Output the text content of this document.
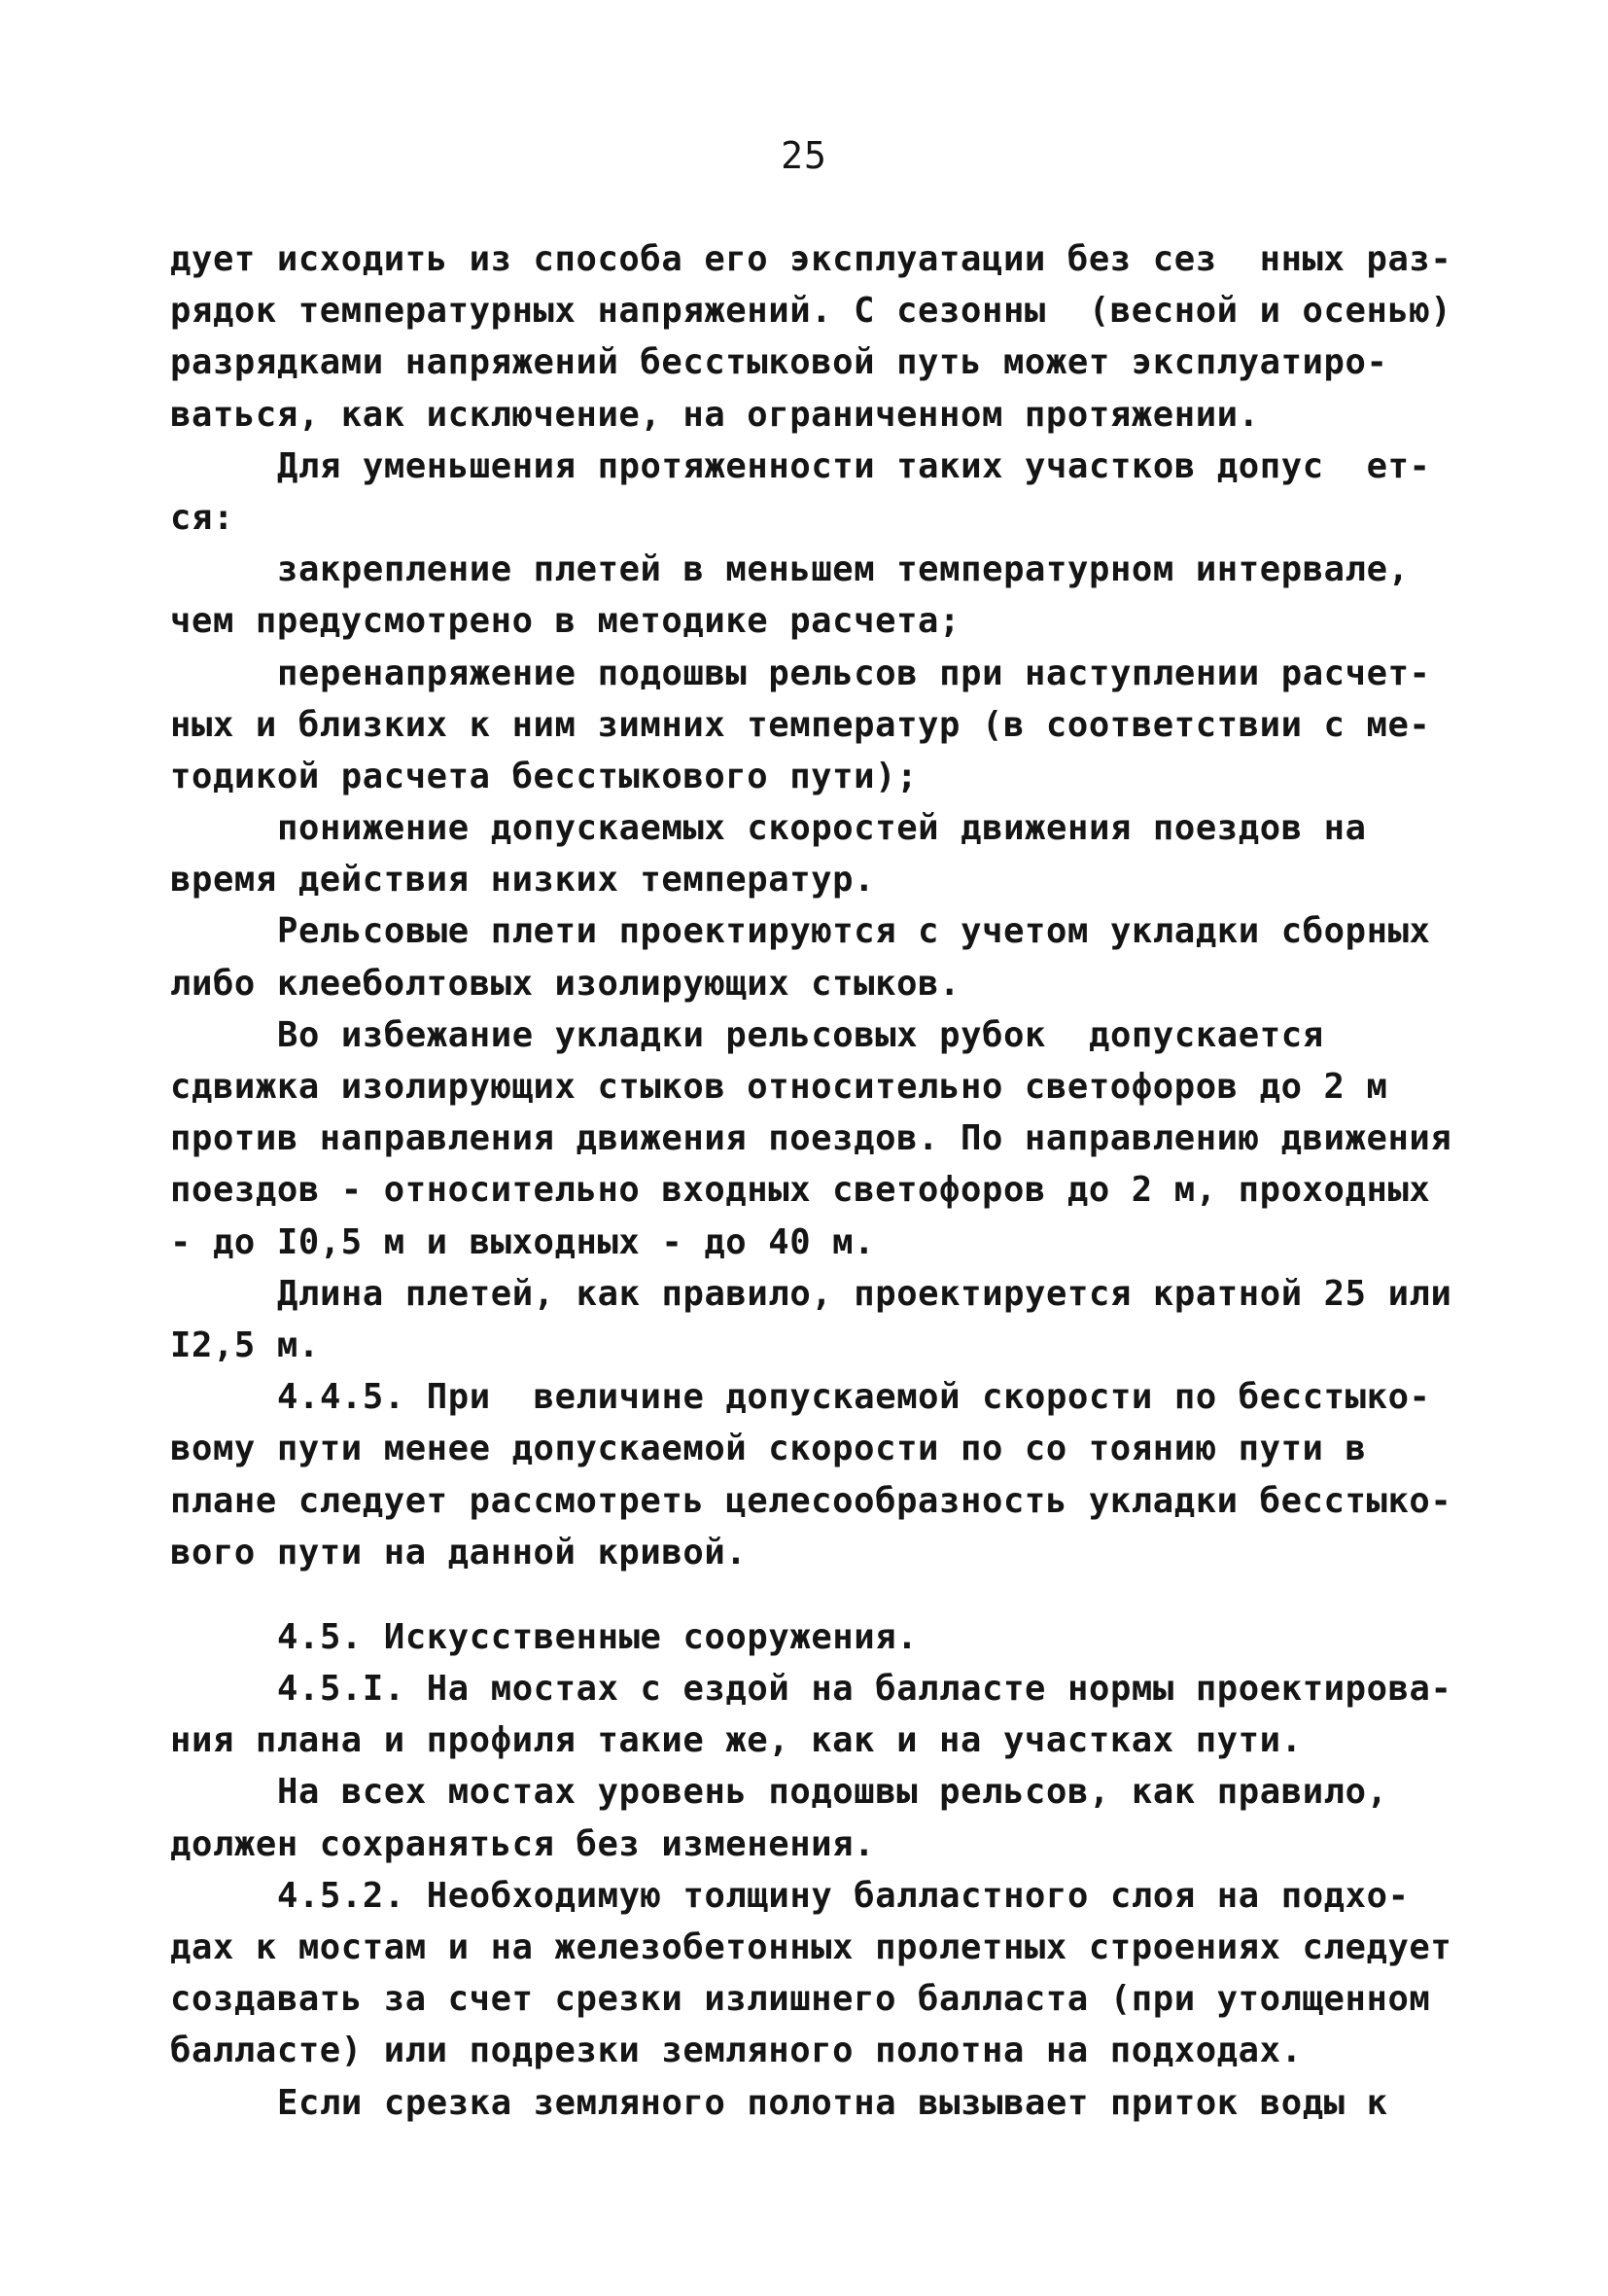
25
дует исходить из способа его эксплуатации без сез  нных раз-
рядок температурных напряжений. С сезонны  (весной и осенью)
разрядками напряжений бесстыковой путь может эксплуатиро-
ваться, как исключение, на ограниченном протяжении.
Для уменьшения протяженности таких участков допус  ет-
ся:
закрепление плетей в меньшем температурном интервале,
чем предусмотрено в методике расчета;
перенапряжение подошвы рельсов при наступлении расчет-
ных и близких к ним зимних температур (в соответствии с ме-
тодикой расчета бесстыкового пути);
понижение допускаемых скоростей движения поездов на
время действия низких температур.
Рельсовые плети проектируются с учетом укладки сборных
либо клееболтовых изолирующих стыков.
Во избежание укладки рельсовых рубок  допускается
сдвижка изолирующих стыков относительно светофоров до 2 м
против направления движения поездов. По направлению движения
поездов - относительно входных светофоров до 2 м, проходных
- до I0,5 м и выходных - до 40 м.
Длина плетей, как правило, проектируется кратной 25 или
I2,5 м.
4.4.5. При  величине допускаемой скорости по бесстыко-
вому пути менее допускаемой скорости по со тоянию пути в
плане следует рассмотреть целесообразность укладки бесстыко-
вого пути на данной кривой.
4.5. Искусственные сооружения.
4.5.I. На мостах с ездой на балласте нормы проектирова-
ния плана и профиля такие же, как и на участках пути.
На всех мостах уровень подошвы рельсов, как правило,
должен сохраняться без изменения.
4.5.2. Необходимую толщину балластного слоя на подхо-
дах к мостам и на железобетонных пролетных строениях следует
создавать за счет срезки излишнего балласта (при утолщенном
балласте) или подрезки земляного полотна на подходах.
Если срезка земляного полотна вызывает приток воды к
